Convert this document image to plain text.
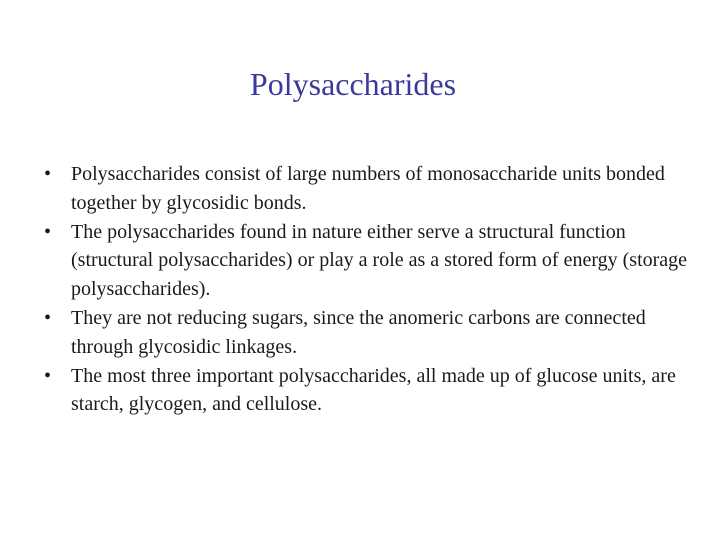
Polysaccharides
• Polysaccharides consist of large numbers of monosaccharide units bonded together by glycosidic bonds.
• The polysaccharides found in nature either serve a structural function (structural polysaccharides) or play a role as a stored form of energy (storage polysaccharides).
• They are not reducing sugars, since the anomeric carbons are connected through glycosidic linkages.
• The most three important polysaccharides, all made up of glucose units, are starch, glycogen, and cellulose.
